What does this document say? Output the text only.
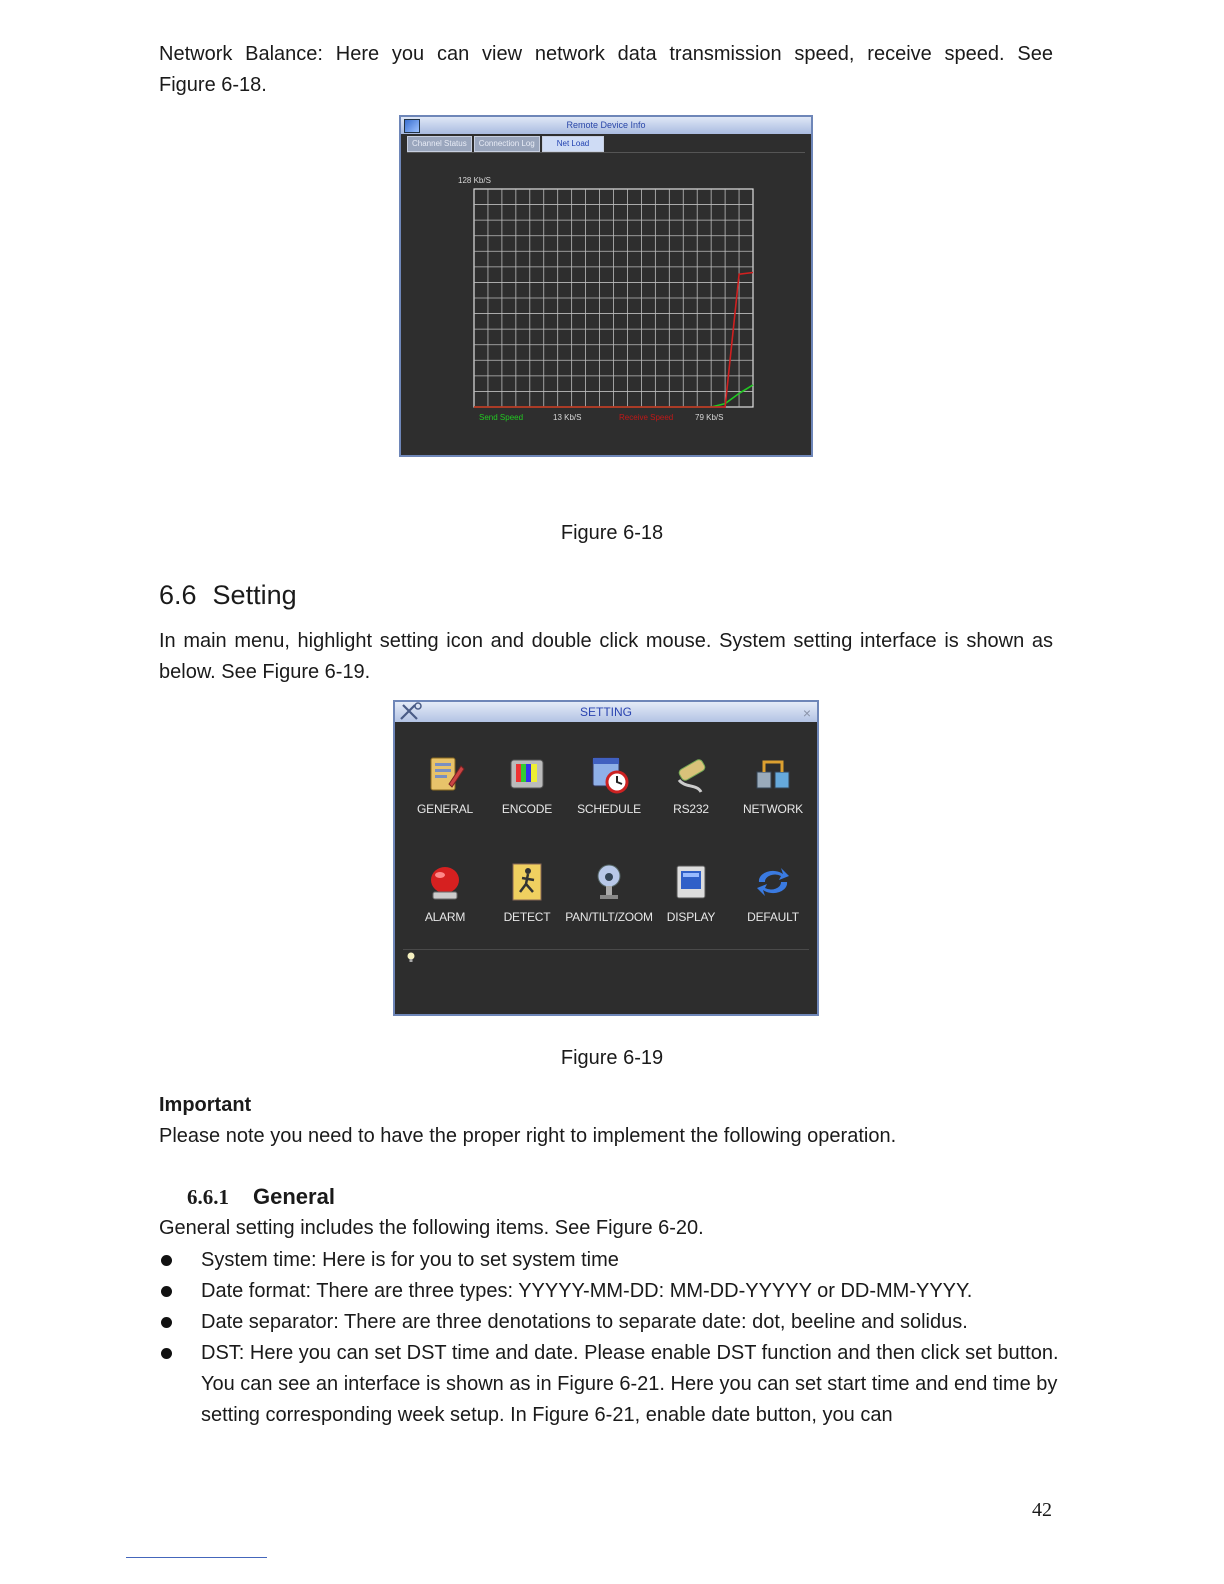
Network Balance: Here you can view network data transmission speed, receive speed. See
Figure 6-18.
Remote Device Info
Channel Status	Connection Log	Net Load
128 Kb/S
Send Speed	13 Kb/S	Receive Speed	79 Kb/S
Figure 6-18
6.6 Setting
In main menu, highlight setting icon and double click mouse. System setting interface is shown as
below. See Figure 6-19.
SETTING	×
GENERAL	ENCODE	SCHEDULE	RS232	NETWORK
ALARM	DETECT	PAN/TILT/ZOOM	DISPLAY	DEFAULT
Figure 6-19
Important
Please note you need to have the proper right to implement the following operation.
6.6.1 General
General setting includes the following items. See Figure 6-20.
System time: Here is for you to set system time
Date format: There are three types: YYYYY-MM-DD: MM-DD-YYYYY or DD-MM-YYYY.
Date separator: There are three denotations to separate date: dot, beeline and solidus.
DST: Here you can set DST time and date. Please enable DST function and then click set button. You can see an interface is shown as in Figure 6-21. Here you can set start time and end time by setting corresponding week setup. In Figure 6-21, enable date button, you can
42
